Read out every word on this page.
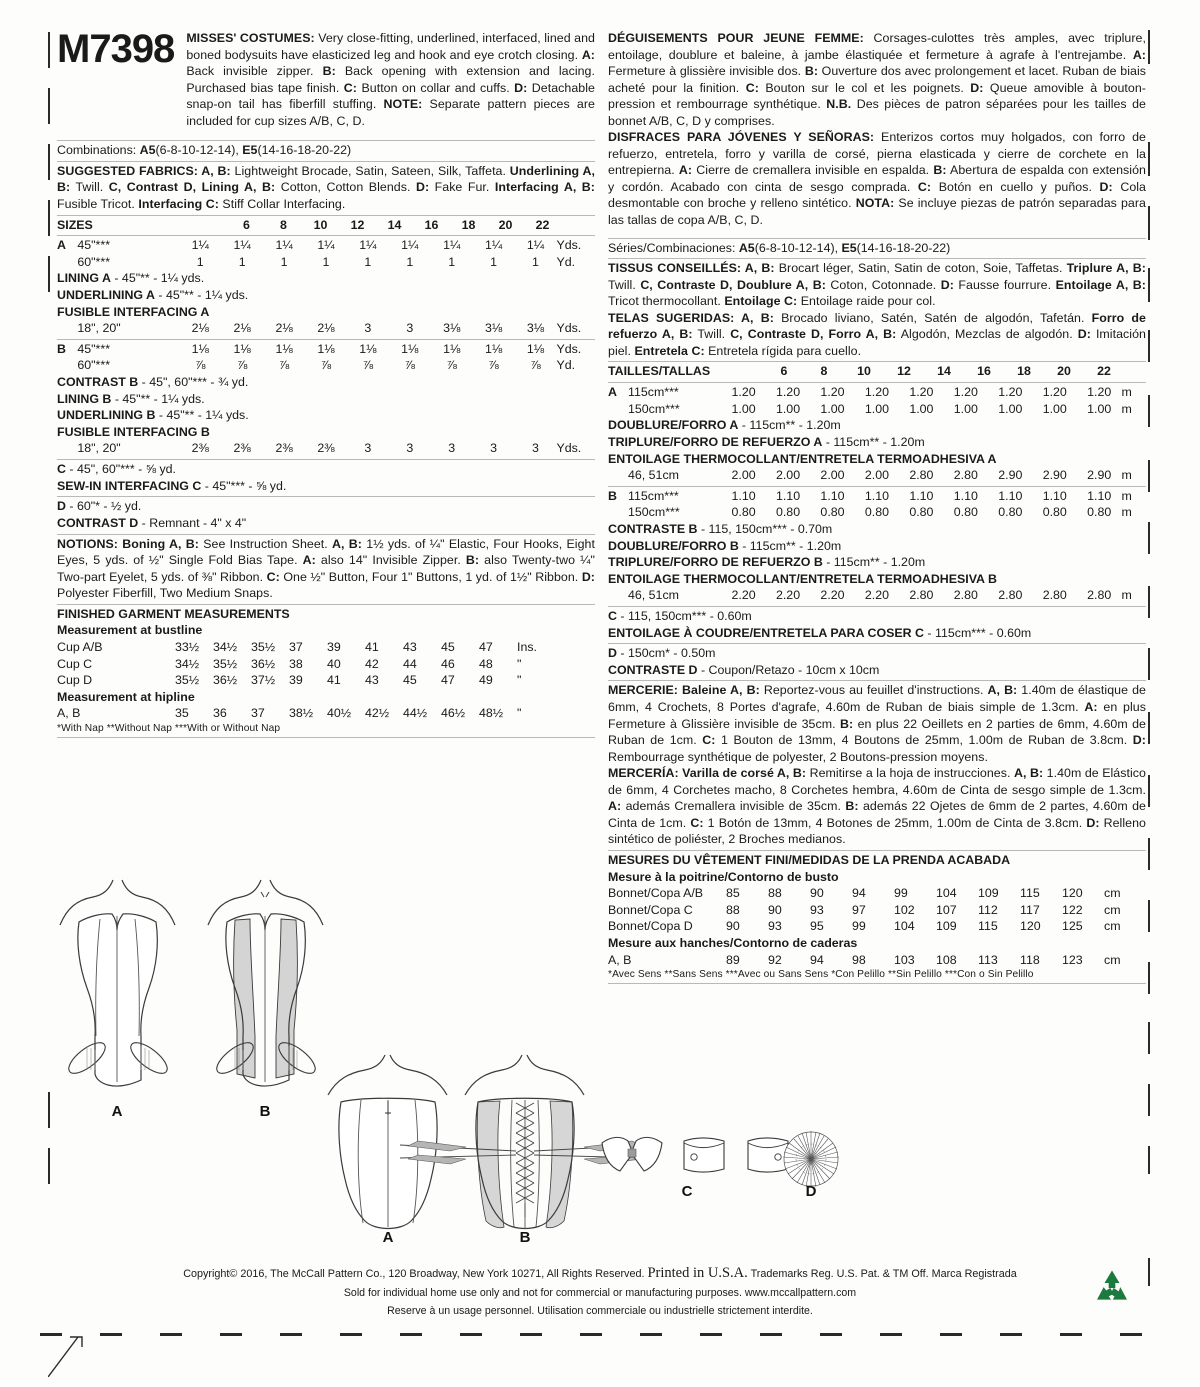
M7398 MISSES' COSTUMES: Very close-fitting, underlined, interfaced, lined and boned bodysuits have elasticized leg and hook and eye crotch closing. A: Back invisible zipper. B: Back opening with extension and lacing. Purchased bias tape finish. C: Button on collar and cuffs. D: Detachable snap-on tail has fiberfill stuffing. NOTE: Separate pattern pieces are included for cup sizes A/B, C, D.
Combinations: A5(6-8-10-12-14), E5(14-16-18-20-22)
SUGGESTED FABRICS: A, B: Lightweight Brocade, Satin, Sateen, Silk, Taffeta. Underlining A, B: Twill. C, Contrast D, Lining A, B: Cotton, Cotton Blends. D: Fake Fur. Interfacing A, B: Fusible Tricot. Interfacing C: Stiff Collar Interfacing.
SIZES	6	8	10	12	14	16	18	20	22	
A	45"***	1¼	1¼	1¼	1¼	1¼	1¼	1¼	1¼	1¼	Yds.
	60"***	1	1	1	1	1	1	1	1	1	Yd.
LINING A - 45"** - 1¼ yds.
UNDERLINING A - 45"** - 1¼ yds.
FUSIBLE INTERFACING A
	18", 20"	2⅛	2⅛	2⅛	2⅛	3	3	3⅛	3⅛	3⅛	Yds.
B	45"***	1⅛	1⅛	1⅛	1⅛	1⅛	1⅛	1⅛	1⅛	1⅛	Yds.
	60"***	⅞	⅞	⅞	⅞	⅞	⅞	⅞	⅞	⅞	Yd.
CONTRAST B - 45", 60"*** - ¾ yd.
LINING B - 45"** - 1¼ yds.
UNDERLINING B - 45"** - 1¼ yds.
FUSIBLE INTERFACING B
	18", 20"	2⅜	2⅜	2⅜	2⅜	3	3	3	3	3	Yds.
C - 45", 60"*** - ⅝ yd.
SEW-IN INTERFACING C - 45"*** - ⅝ yd.
D - 60"* - ½ yd.
CONTRAST D - Remnant - 4" x 4"
NOTIONS: Boning A, B: See Instruction Sheet. A, B: 1½ yds. of ¼" Elastic, Four Hooks, Eight Eyes, 5 yds. of ½" Single Fold Bias Tape. A: also 14" Invisible Zipper. B: also Twenty-two ¼" Two-part Eyelet, 5 yds. of ⅜" Ribbon. C: One ½" Button, Four 1" Buttons, 1 yd. of 1½" Ribbon. D: Polyester Fiberfill, Two Medium Snaps.
FINISHED GARMENT MEASUREMENTS
Measurement at bustline
Cup A/B	33½	34½	35½	37	39	41	43	45	47	Ins.
Cup C	34½	35½	36½	38	40	42	44	46	48	"
Cup D	35½	36½	37½	39	41	43	45	47	49	"
Measurement at hipline
A, B	35	36	37	38½	40½	42½	44½	46½	48½	"
*With Nap **Without Nap ***With or Without Nap
DÉGUISEMENTS POUR JEUNE FEMME: Corsages-culottes très amples, avec triplure, entoilage, doublure et baleine, à jambe élastiquée et fermeture à agrafe à l'entrejambe. A: Fermeture à glissière invisible dos. B: Ouverture dos avec prolongement et lacet. Ruban de biais acheté pour la finition. C: Bouton sur le col et les poignets. D: Queue amovible à bouton-pression et rembourrage synthétique. N.B. Des pièces de patron séparées pour les tailles de bonnet A/B, C, D y comprises.
DISFRACES PARA JÓVENES Y SEÑORAS: Enterizos cortos muy holgados, con forro de refuerzo, entretela, forro y varilla de corsé, pierna elasticada y cierre de corchete en la entrepierna. A: Cierre de cremallera invisible en espalda. B: Abertura de espalda con extensión y cordón. Acabado con cinta de sesgo comprada. C: Botón en cuello y puños. D: Cola desmontable con broche y relleno sintético. NOTA: Se incluye piezas de patrón separadas para las tallas de copa A/B, C, D.
Séries/Combinaciones: A5(6-8-10-12-14), E5(14-16-18-20-22)
TISSUS CONSEILLÉS: A, B: Brocart léger, Satin, Satin de coton, Soie, Taffetas. Triplure A, B: Twill. C, Contraste D, Doublure A, B: Coton, Cotonnade. D: Fausse fourrure. Entoilage A, B: Tricot thermocollant. Entoilage C: Entoilage raide pour col.
TELAS SUGERIDAS: A, B: Brocado liviano, Satén, Satén de algodón, Tafetán. Forro de refuerzo A, B: Twill. C, Contraste D, Forro A, B: Algodón, Mezclas de algodón. D: Imitación piel. Entretela C: Entretela rígida para cuello.
TAILLES/TALLAS	6	8	10	12	14	16	18	20	22	
A	115cm***	1.20	1.20	1.20	1.20	1.20	1.20	1.20	1.20	1.20	m
	150cm***	1.00	1.00	1.00	1.00	1.00	1.00	1.00	1.00	1.00	m
DOUBLURE/FORRO A - 115cm** - 1.20m
TRIPLURE/FORRO DE REFUERZO A - 115cm** - 1.20m
ENTOILAGE THERMOCOLLANT/ENTRETELA TERMOADHESIVA A
	46, 51cm	2.00	2.00	2.00	2.00	2.80	2.80	2.90	2.90	2.90	m
B	115cm***	1.10	1.10	1.10	1.10	1.10	1.10	1.10	1.10	1.10	m
	150cm***	0.80	0.80	0.80	0.80	0.80	0.80	0.80	0.80	0.80	m
CONTRASTE B - 115, 150cm*** - 0.70m
DOUBLURE/FORRO B - 115cm** - 1.20m
TRIPLURE/FORRO DE REFUERZO B - 115cm** - 1.20m
ENTOILAGE THERMOCOLLANT/ENTRETELA TERMOADHESIVA B
	46, 51cm	2.20	2.20	2.20	2.20	2.80	2.80	2.80	2.80	2.80	m
C - 115, 150cm*** - 0.60m
ENTOILAGE À COUDRE/ENTRETELA PARA COSER C - 115cm*** - 0.60m
D - 150cm* - 0.50m
CONTRASTE D - Coupon/Retazo - 10cm x 10cm
MERCERIE: Baleine A, B: Reportez-vous au feuillet d'instructions. A, B: 1.40m de élastique de 6mm, 4 Crochets, 8 Portes d'agrafe, 4.60m de Ruban de biais simple de 1.3cm. A: en plus Fermeture à Glissière invisible de 35cm. B: en plus 22 Oeillets en 2 parties de 6mm, 4.60m de Ruban de 1cm. C: 1 Bouton de 13mm, 4 Boutons de 25mm, 1.00m de Ruban de 3.8cm. D: Rembourrage synthétique de polyester, 2 Boutons-pression moyens.
MERCERÍA: Varilla de corsé A, B: Remitirse a la hoja de instrucciones. A, B: 1.40m de Elástico de 6mm, 4 Corchetes macho, 8 Corchetes hembra, 4.60m de Cinta de sesgo simple de 1.3cm. A: además Cremallera invisible de 35cm. B: además 22 Ojetes de 6mm de 2 partes, 4.60m de Cinta de 1cm. C: 1 Botón de 13mm, 4 Botones de 25mm, 1.00m de Cinta de 3.8cm. D: Relleno sintético de poliéster, 2 Broches medianos.
MESURES DU VÊTEMENT FINI/MEDIDAS DE LA PRENDA ACABADA
Mesure à la poitrine/Contorno de busto
Bonnet/Copa A/B	85	88	90	94	99	104	109	115	120	cm
Bonnet/Copa C	88	90	93	97	102	107	112	117	122	cm
Bonnet/Copa D	90	93	95	99	104	109	115	120	125	cm
Mesure aux hanches/Contorno de caderas
A, B	89	92	94	98	103	108	113	118	123	cm
*Avec Sens **Sans Sens ***Avec ou Sans Sens *Con Pelillo **Sin Pelillo ***Con o Sin Pelillo
A	B
A	B
C	D
Copyright© 2016, The McCall Pattern Co., 120 Broadway, New York 10271, All Rights Reserved. Printed in U.S.A. Trademarks Reg. U.S. Pat. & TM Off. Marca Registrada
Sold for individual home use only and not for commercial or manufacturing purposes. www.mccallpattern.com
Reserve à un usage personnel. Utilisation commerciale ou industrielle strictement interdite.
